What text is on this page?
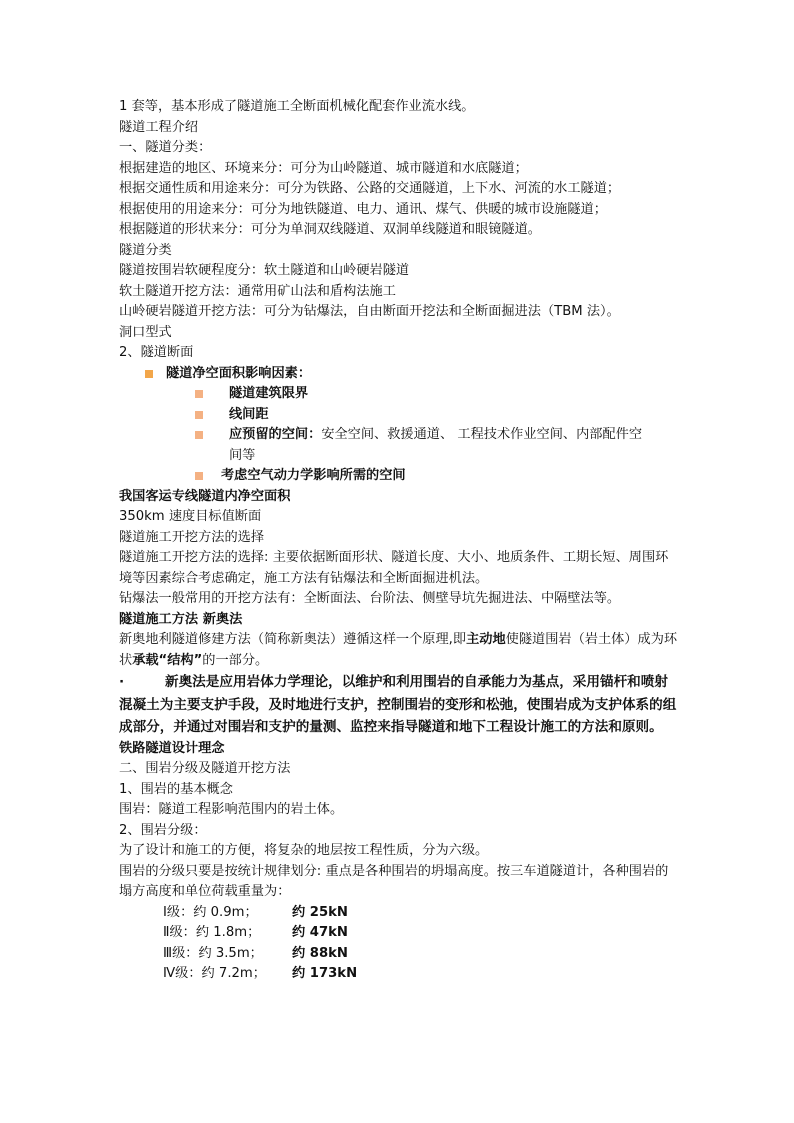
1 套等，基本形成了隧道施工全断面机械化配套作业流水线。
隧道工程介绍
一、隧道分类：
根据建造的地区、环境来分：可分为山岭隧道、城市隧道和水底隧道；
根据交通性质和用途来分：可分为铁路、公路的交通隧道，上下水、河流的水工隧道；
根据使用的用途来分：可分为地铁隧道、电力、通讯、煤气、供暖的城市设施隧道；
根据隧道的形状来分：可分为单洞双线隧道、双洞单线隧道和眼镜隧道。
隧道分类
隧道按围岩软硬程度分：软土隧道和山岭硬岩隧道
软土隧道开挖方法：通常用矿山法和盾构法施工
山岭硬岩隧道开挖方法：可分为钻爆法，自由断面开挖法和全断面掘进法（TBM 法）。
洞口型式
2、隧道断面
隧道净空面积影响因素：
隧道建筑限界
线间距
应预留的空间：安全空间、救援通道、 工程技术作业空间、内部配件空
间等
考虑空气动力学影响所需的空间
我国客运专线隧道内净空面积
350km 速度目标值断面
隧道施工开挖方法的选择
隧道施工开挖方法的选择: 主要依据断面形状、隧道长度、大小、地质条件、工期长短、周围环境等因素综合考虑确定，施工方法有钻爆法和全断面掘进机法。
钻爆法一般常用的开挖方法有：全断面法、台阶法、侧壁导坑先掘进法、中隔壁法等。
隧道施工方法 新奥法
新奥地利隧道修建方法（简称新奥法）遵循这样一个原理,即主动地使隧道围岩（岩土体）成为环状承载“结构”的一部分。
·	新奥法是应用岩体力学理论，以维护和利用围岩的自承能力为基点，采用锚杆和喷射混凝土为主要支护手段，及时地进行支护，控制围岩的变形和松弛，使围岩成为支护体系的组成部分，并通过对围岩和支护的量测、监控来指导隧道和地下工程设计施工的方法和原则。
铁路隧道设计理念
二、围岩分级及隧道开挖方法
1、围岩的基本概念
围岩：隧道工程影响范围内的岩土体。
2、围岩分级：
为了设计和施工的方便，将复杂的地层按工程性质，分为六级。
围岩的分级只要是按统计规律划分: 重点是各种围岩的坍塌高度。按三车道隧道计，各种围岩的塌方高度和单位荷载重量为：
Ⅰ级：约 0.9m；	约 25kN
Ⅱ级：约 1.8m； 约 47kN
Ⅲ级：约 3.5m； 约 88kN
Ⅳ级：约 7.2m； 约 173kN
